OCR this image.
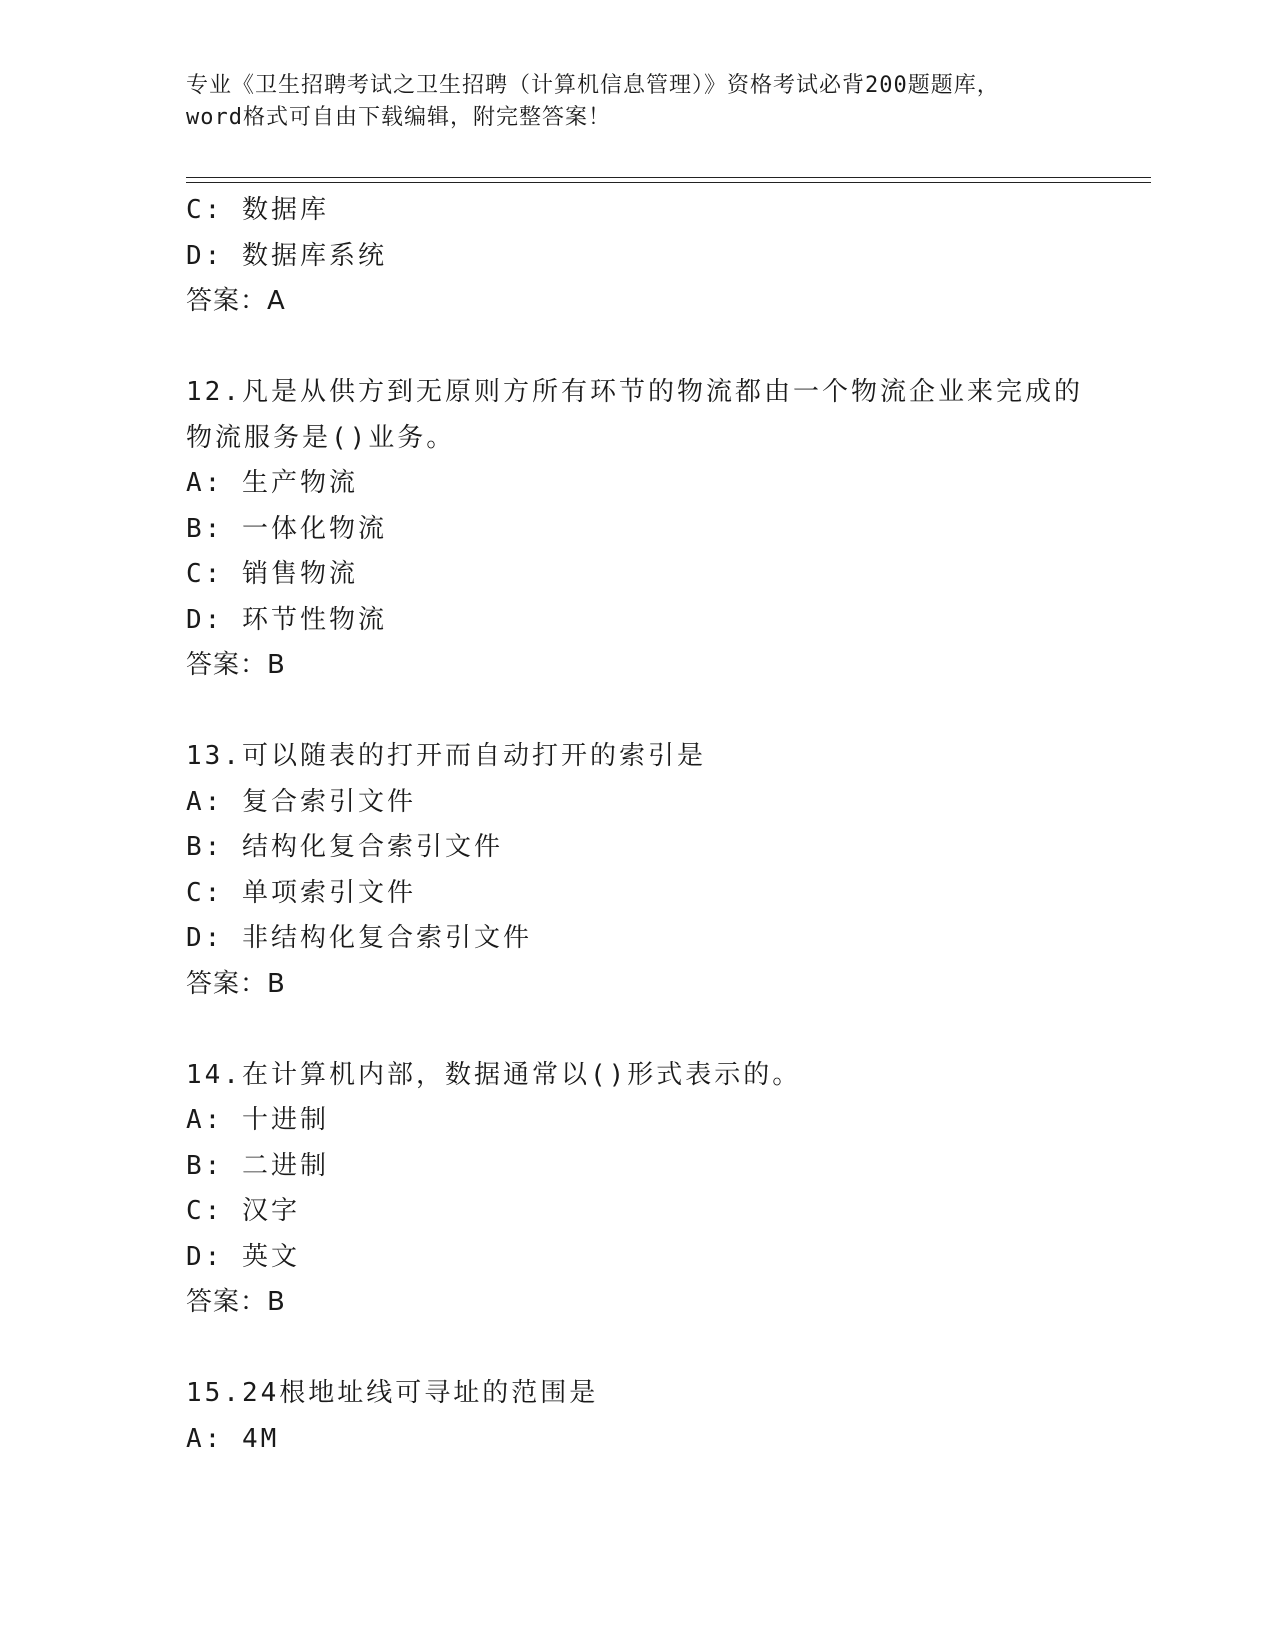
专业《卫生招聘考试之卫生招聘（计算机信息管理）》资格考试必背200题题库，
word格式可自由下载编辑，附完整答案！
C: 数据库
D: 数据库系统
答案：A
12.凡是从供方到无原则方所有环节的物流都由一个物流企业来完成的
物流服务是()业务。
A: 生产物流
B: 一体化物流
C: 销售物流
D: 环节性物流
答案：B
13.可以随表的打开而自动打开的索引是
A: 复合索引文件
B: 结构化复合索引文件
C: 单项索引文件
D: 非结构化复合索引文件
答案：B
14.在计算机内部，数据通常以()形式表示的。
A: 十进制
B: 二进制
C: 汉字
D: 英文
答案：B
15.24根地址线可寻址的范围是
A: 4M
